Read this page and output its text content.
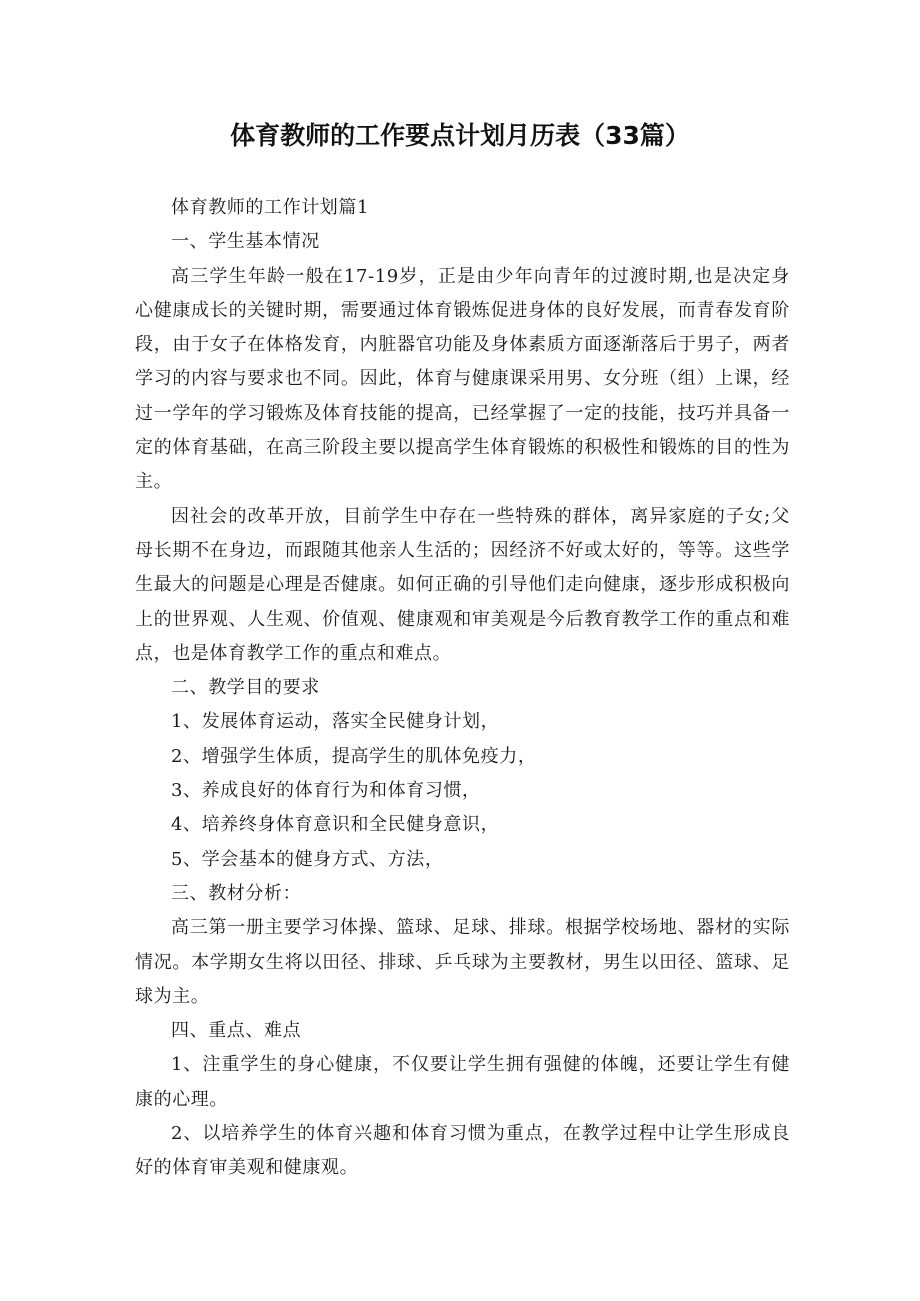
体育教师的工作要点计划月历表（33篇）

体育教师的工作计划篇1

一、学生基本情况

高三学生年龄一般在17-19岁，正是由少年向青年的过渡时期,也是决定身心健康成长的关键时期，需要通过体育锻炼促进身体的良好发展，而青春发育阶段，由于女子在体格发育，内脏器官功能及身体素质方面逐渐落后于男子，两者学习的内容与要求也不同。因此，体育与健康课采用男、女分班（组）上课，经过一学年的学习锻炼及体育技能的提高，已经掌握了一定的技能，技巧并具备一定的体育基础，在高三阶段主要以提高学生体育锻炼的积极性和锻炼的目的性为主。

因社会的改革开放，目前学生中存在一些特殊的群体，离异家庭的子女;父母长期不在身边，而跟随其他亲人生活的；因经济不好或太好的，等等。这些学生最大的问题是心理是否健康。如何正确的引导他们走向健康，逐步形成积极向上的世界观、人生观、价值观、健康观和审美观是今后教育教学工作的重点和难点，也是体育教学工作的重点和难点。

二、教学目的要求

1、发展体育运动，落实全民健身计划，

2、增强学生体质，提高学生的肌体免疫力，

3、养成良好的体育行为和体育习惯，

4、培养终身体育意识和全民健身意识，

5、学会基本的健身方式、方法，

三、教材分析：

高三第一册主要学习体操、篮球、足球、排球。根据学校场地、器材的实际情况。本学期女生将以田径、排球、乒乓球为主要教材，男生以田径、篮球、足球为主。

四、重点、难点

1、注重学生的身心健康，不仅要让学生拥有强健的体魄，还要让学生有健康的心理。

2、以培养学生的体育兴趣和体育习惯为重点，在教学过程中让学生形成良好的体育审美观和健康观。
